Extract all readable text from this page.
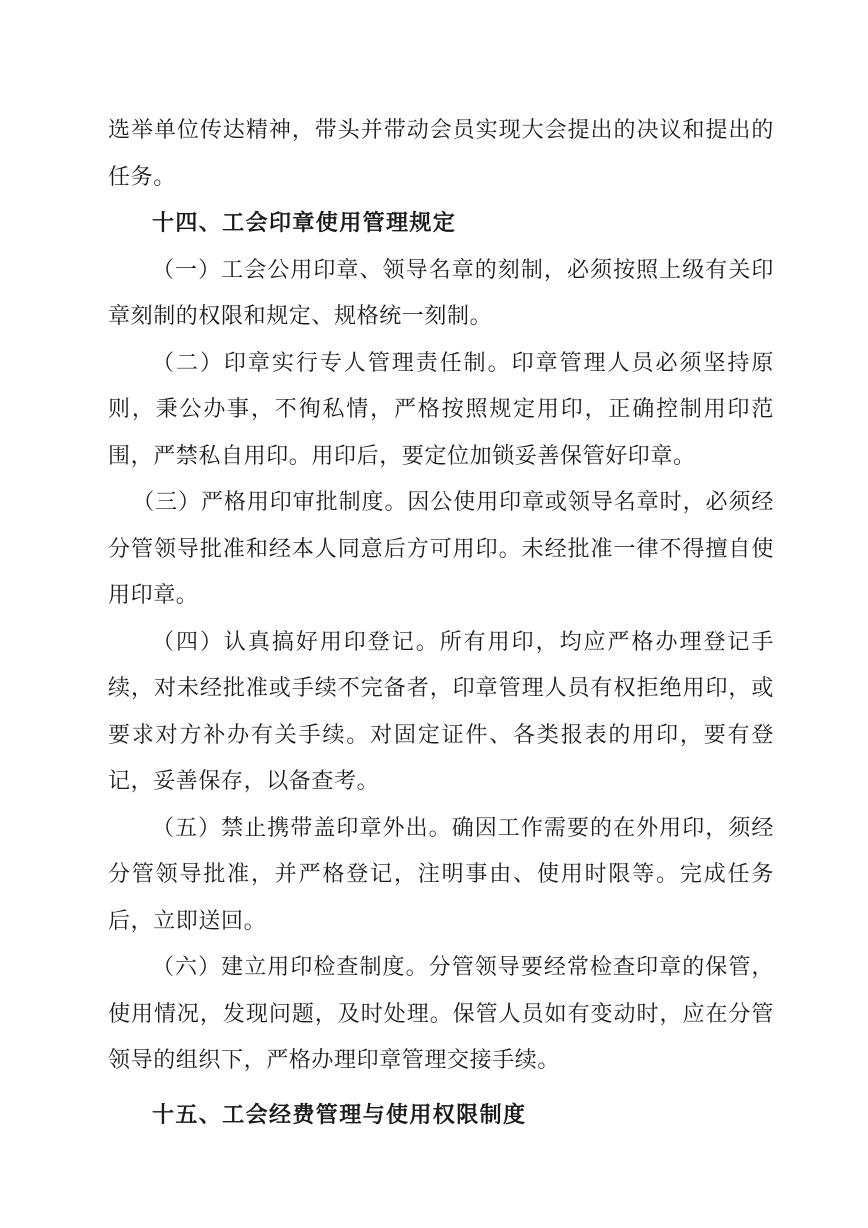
选举单位传达精神，带头并带动会员实现大会提出的决议和提出的任务。

十四、工会印章使用管理规定

（一）工会公用印章、领导名章的刻制，必须按照上级有关印章刻制的权限和规定、规格统一刻制。

（二）印章实行专人管理责任制。印章管理人员必须坚持原则，秉公办事，不徇私情，严格按照规定用印，正确控制用印范围，严禁私自用印。用印后，要定位加锁妥善保管好印章。

（三）严格用印审批制度。因公使用印章或领导名章时，必须经分管领导批准和经本人同意后方可用印。未经批准一律不得擅自使用印章。

（四）认真搞好用印登记。所有用印，均应严格办理登记手续，对未经批准或手续不完备者，印章管理人员有权拒绝用印，或要求对方补办有关手续。对固定证件、各类报表的用印，要有登记，妥善保存，以备查考。

（五）禁止携带盖印章外出。确因工作需要的在外用印，须经分管领导批准，并严格登记，注明事由、使用时限等。完成任务后，立即送回。

（六）建立用印检查制度。分管领导要经常检查印章的保管，使用情况，发现问题，及时处理。保管人员如有变动时，应在分管领导的组织下，严格办理印章管理交接手续。

十五、工会经费管理与使用权限制度
